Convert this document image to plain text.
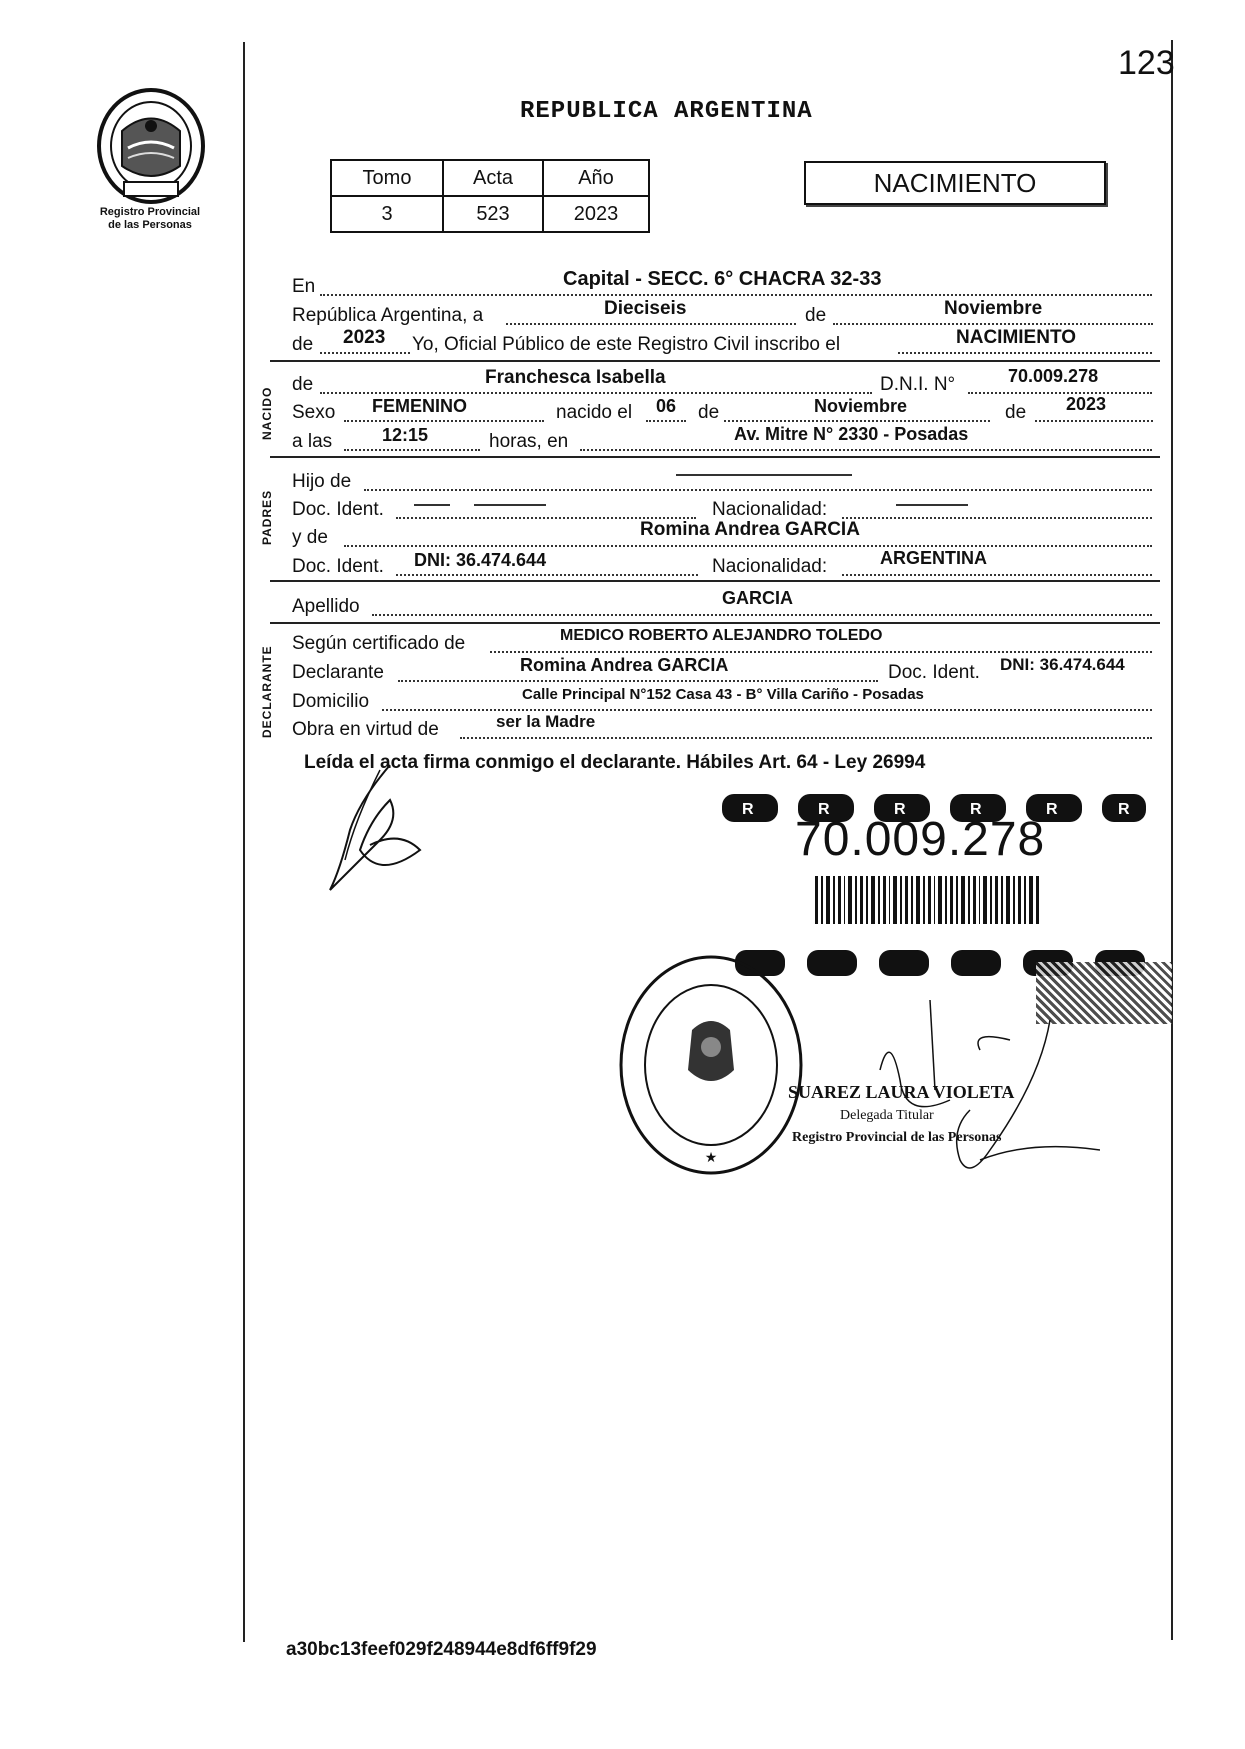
123
Registro Provincial
de las Personas
REPUBLICA ARGENTINA
Tomo	Acta	Año
3	523	2023
NACIMIENTO
En	Capital - SECC. 6° CHACRA 32-33
República Argentina, a	Dieciseis	de	Noviembre
de 2023 Yo, Oficial Público de este Registro Civil inscribo el	NACIMIENTO
NACIDO
de	Franchesca Isabella	D.N.I. N°	70.009.278
Sexo FEMENINO	nacido el 06 de	Noviembre	de 2023
a las	12:15	horas, en	Av. Mitre N° 2330 - Posadas
PADRES
Hijo de
Doc. Ident.	Nacionalidad:
y de	Romina Andrea GARCIA
Doc. Ident. DNI: 36.474.644	Nacionalidad:	ARGENTINA
Apellido	GARCIA
DECLARANTE
Según certificado de	MEDICO ROBERTO ALEJANDRO TOLEDO
Declarante	Romina Andrea GARCIA	Doc. Ident. DNI: 36.474.644
Domicilio	Calle Principal N°152 Casa 43 - B° Villa Cariño - Posadas
Obra en virtud de	ser la Madre
Leída el acta firma conmigo el declarante. Hábiles Art. 64 - Ley 26994
R	R	R	R	R	R
70.009.278
★
SUAREZ LAURA VIOLETA
Delegada Titular
Registro Provincial de las Personas
a30bc13feef029f248944e8df6ff9f29
